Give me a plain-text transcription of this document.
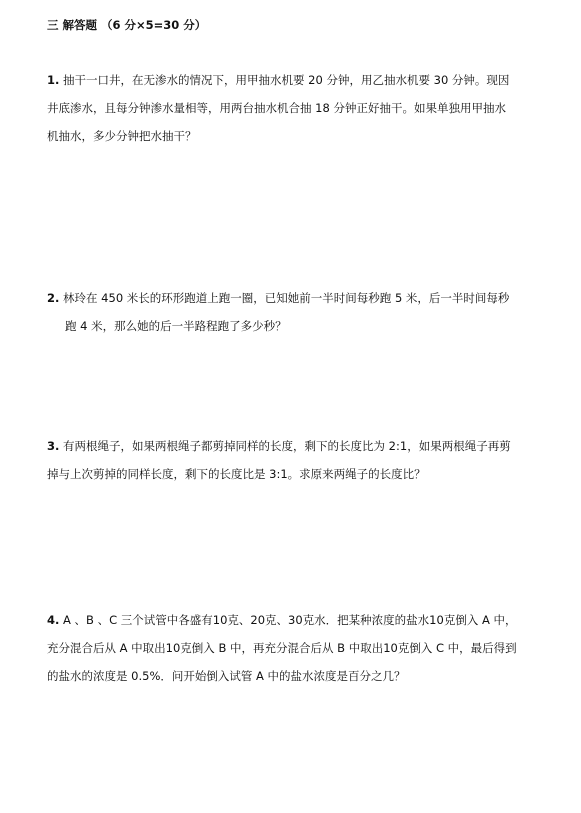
三 解答题 （6 分×5=30 分）
1. 抽干一口井，在无渗水的情况下，用甲抽水机要 20 分钟，用乙抽水机要 30 分钟。现因
井底渗水，且每分钟渗水量相等，用两台抽水机合抽 18 分钟正好抽干。如果单独用甲抽水
机抽水，多少分钟把水抽干？
2. 林玲在 450 米长的环形跑道上跑一圈，已知她前一半时间每秒跑 5 米，后一半时间每秒
跑 4 米，那么她的后一半路程跑了多少秒？
3. 有两根绳子，如果两根绳子都剪掉同样的长度，剩下的长度比为 2:1，如果两根绳子再剪
掉与上次剪掉的同样长度，剩下的长度比是 3:1。求原来两绳子的长度比？
4. A 、B 、C 三个试管中各盛有10克、20克、30克水．把某种浓度的盐水10克倒入 A 中，
充分混合后从 A 中取出10克倒入 B 中，再充分混合后从 B 中取出10克倒入 C 中，最后得到
的盐水的浓度是 0.5%．问开始倒入试管 A 中的盐水浓度是百分之几？
